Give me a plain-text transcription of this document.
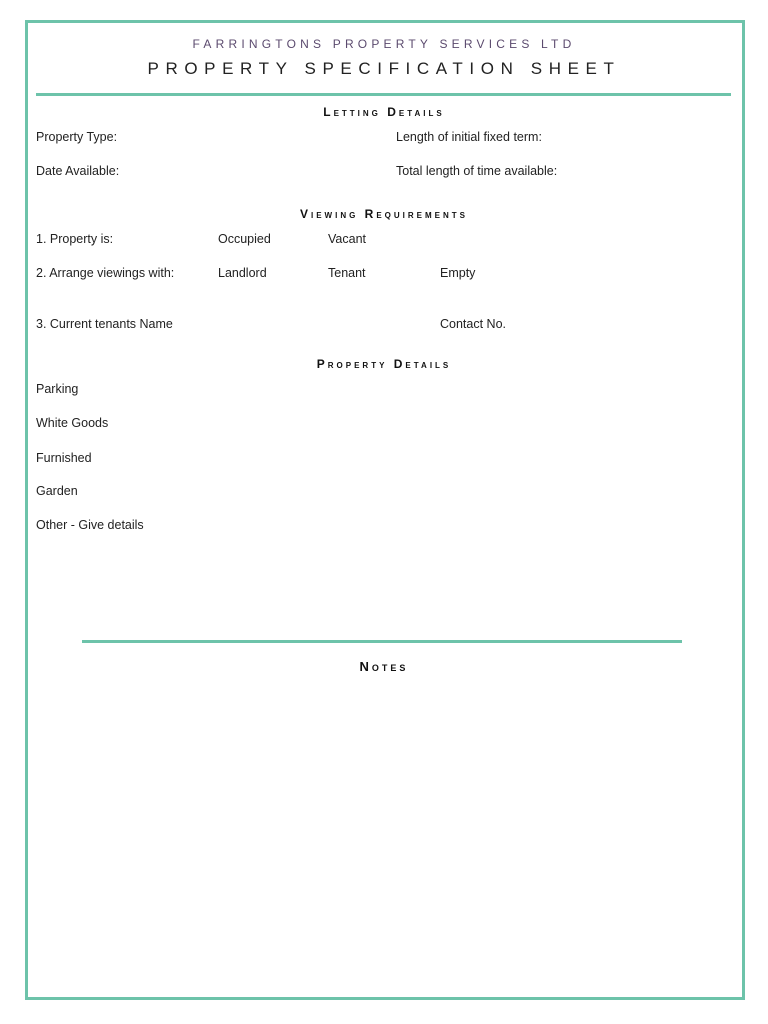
FARRINGTONS PROPERTY SERVICES LTD
PROPERTY SPECIFICATION SHEET
Letting Details
Property Type:	Length of initial fixed term:
Date Available:	Total length of time available:
Viewing Requirements
1. Property is:	Occupied	Vacant
2. Arrange viewings with:	Landlord	Tenant	Empty
3. Current tenants Name	Contact No.
Property Details
Parking
White Goods
Furnished
Garden
Other - Give details
Notes
